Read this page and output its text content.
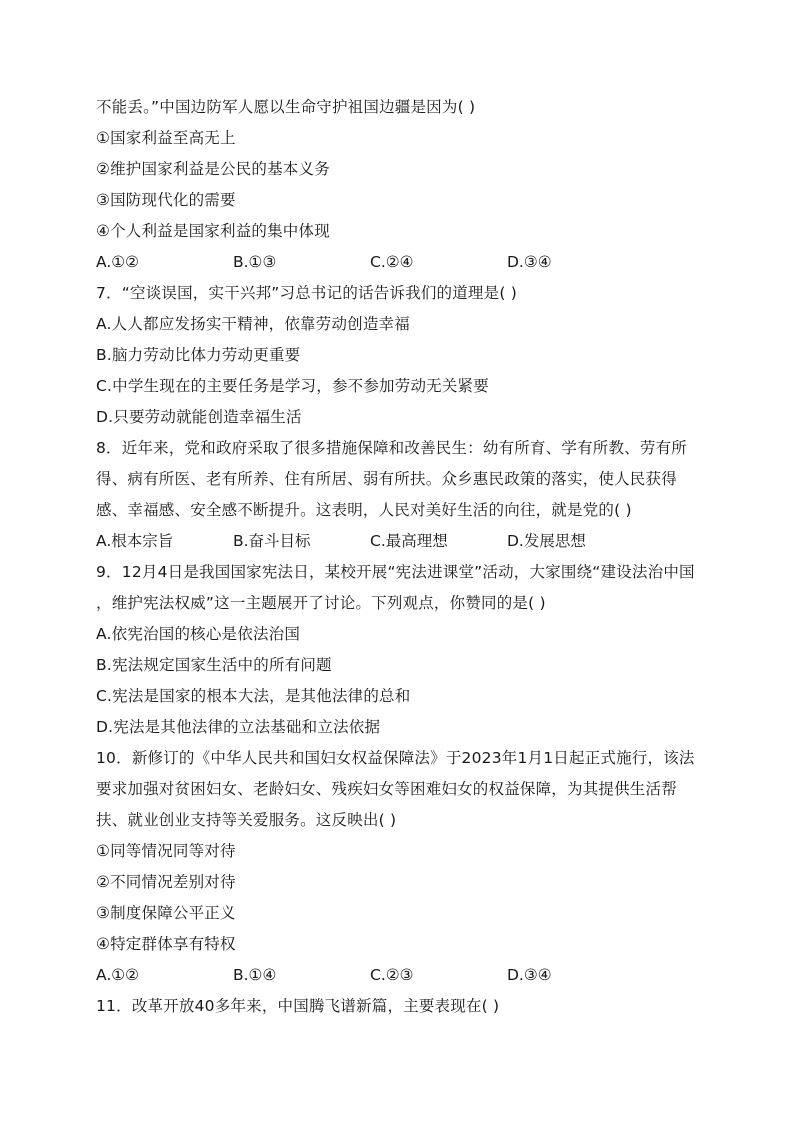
不能丢。”中国边防军人愿以生命守护祖国边疆是因为( )
①国家利益至高无上
②维护国家利益是公民的基本义务
③国防现代化的需要
④个人利益是国家利益的集中体现
A.①②	B.①③	C.②④	D.③④
7．“空谈误国，实干兴邦”习总书记的话告诉我们的道理是( )
A.人人都应发扬实干精神，依靠劳动创造幸福
B.脑力劳动比体力劳动更重要
C.中学生现在的主要任务是学习，参不参加劳动无关紧要
D.只要劳动就能创造幸福生活
8．近年来，党和政府采取了很多措施保障和改善民生：幼有所育、学有所教、劳有所
得、病有所医、老有所养、住有所居、弱有所扶。众乡惠民政策的落实，使人民获得
感、幸福感、安全感不断提升。这表明，人民对美好生活的向往，就是党的( )
A.根本宗旨	B.奋斗目标	C.最高理想	D.发展思想
9．12月4日是我国国家宪法日，某校开展“宪法进课堂”活动，大家围绕“建设法治中国
，维护宪法权威”这一主题展开了讨论。下列观点，你赞同的是( )
A.依宪治国的核心是依法治国
B.宪法规定国家生活中的所有问题
C.宪法是国家的根本大法，是其他法律的总和
D.宪法是其他法律的立法基础和立法依据
10．新修订的《中华人民共和国妇女权益保障法》于2023年1月1日起正式施行，该法
要求加强对贫困妇女、老龄妇女、残疾妇女等困难妇女的权益保障，为其提供生活帮
扶、就业创业支持等关爱服务。这反映出( )
①同等情况同等对待
②不同情况差别对待
③制度保障公平正义
④特定群体享有特权
A.①②	B.①④	C.②③	D.③④
11．改革开放40多年来，中国腾飞谱新篇，主要表现在( )
